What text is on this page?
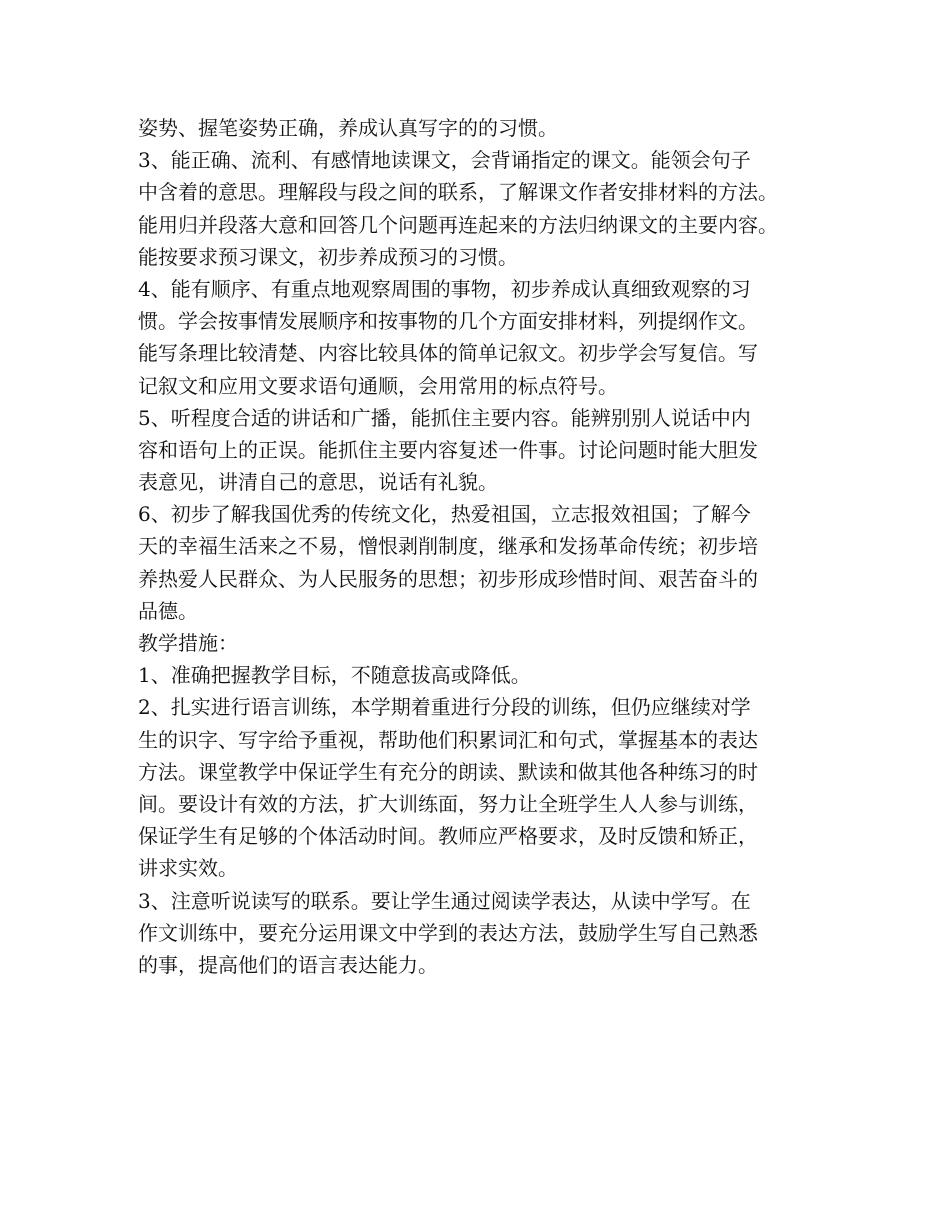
姿势、握笔姿势正确，养成认真写字的的习惯。
3、能正确、流利、有感情地读课文，会背诵指定的课文。能领会句子
中含着的意思。理解段与段之间的联系，了解课文作者安排材料的方法。
能用归并段落大意和回答几个问题再连起来的方法归纳课文的主要内容。
能按要求预习课文，初步养成预习的习惯。
4、能有顺序、有重点地观察周围的事物，初步养成认真细致观察的习
惯。学会按事情发展顺序和按事物的几个方面安排材料，列提纲作文。
能写条理比较清楚、内容比较具体的简单记叙文。初步学会写复信。写
记叙文和应用文要求语句通顺，会用常用的标点符号。
5、听程度合适的讲话和广播，能抓住主要内容。能辨别别人说话中内
容和语句上的正误。能抓住主要内容复述一件事。讨论问题时能大胆发
表意见，讲清自己的意思，说话有礼貌。
6、初步了解我国优秀的传统文化，热爱祖国，立志报效祖国；了解今
天的幸福生活来之不易，憎恨剥削制度，继承和发扬革命传统；初步培
养热爱人民群众、为人民服务的思想；初步形成珍惜时间、艰苦奋斗的
品德。
教学措施：
1、准确把握教学目标，不随意拔高或降低。
2、扎实进行语言训练，本学期着重进行分段的训练，但仍应继续对学
生的识字、写字给予重视，帮助他们积累词汇和句式，掌握基本的表达
方法。课堂教学中保证学生有充分的朗读、默读和做其他各种练习的时
间。要设计有效的方法，扩大训练面，努力让全班学生人人参与训练，
保证学生有足够的个体活动时间。教师应严格要求，及时反馈和矫正，
讲求实效。
3、注意听说读写的联系。要让学生通过阅读学表达，从读中学写。在
作文训练中，要充分运用课文中学到的表达方法，鼓励学生写自己熟悉
的事，提高他们的语言表达能力。
